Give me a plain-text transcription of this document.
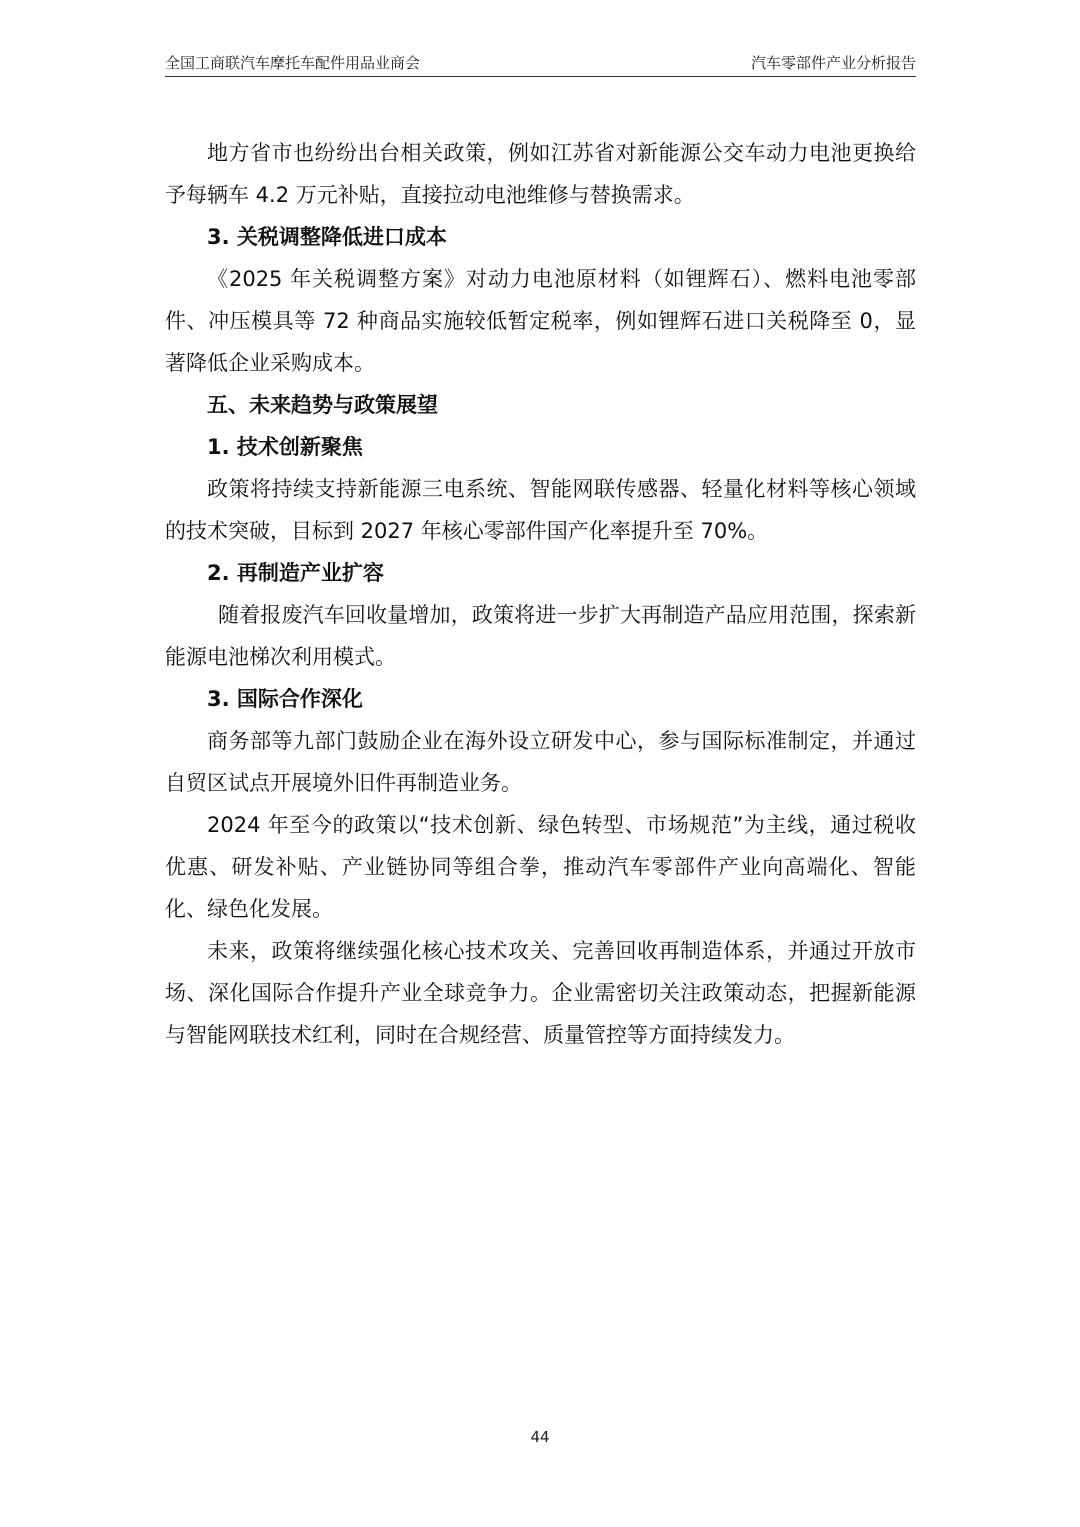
全国工商联汽车摩托车配件用品业商会	汽车零部件产业分析报告

地方省市也纷纷出台相关政策，例如江苏省对新能源公交车动力电池更换给予每辆车 4.2 万元补贴，直接拉动电池维修与替换需求。

3. 关税调整降低进口成本

《2025 年关税调整方案》对动力电池原材料（如锂辉石）、燃料电池零部件、冲压模具等 72 种商品实施较低暂定税率，例如锂辉石进口关税降至 0，显著降低企业采购成本。

五、未来趋势与政策展望

1. 技术创新聚焦

政策将持续支持新能源三电系统、智能网联传感器、轻量化材料等核心领域的技术突破，目标到 2027 年核心零部件国产化率提升至 70%。

2. 再制造产业扩容

随着报废汽车回收量增加，政策将进一步扩大再制造产品应用范围，探索新能源电池梯次利用模式。

3. 国际合作深化

商务部等九部门鼓励企业在海外设立研发中心，参与国际标准制定，并通过自贸区试点开展境外旧件再制造业务。

2024 年至今的政策以“技术创新、绿色转型、市场规范”为主线，通过税收优惠、研发补贴、产业链协同等组合拳，推动汽车零部件产业向高端化、智能化、绿色化发展。

未来，政策将继续强化核心技术攻关、完善回收再制造体系，并通过开放市场、深化国际合作提升产业全球竞争力。企业需密切关注政策动态，把握新能源与智能网联技术红利，同时在合规经营、质量管控等方面持续发力。

44
